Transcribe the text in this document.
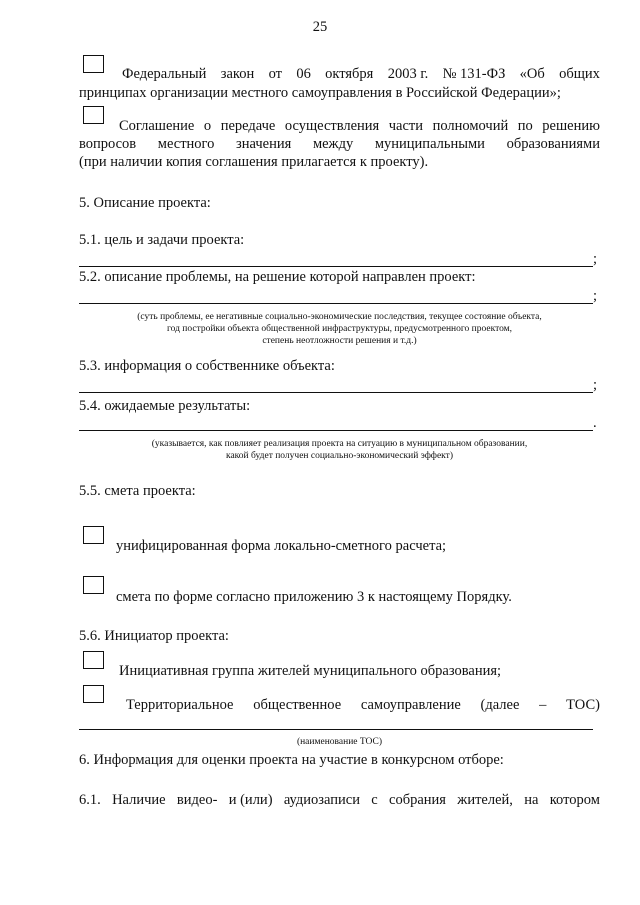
25
Федеральный закон от 06 октября 2003 г. № 131-ФЗ «Об общих
принципах организации местного самоуправления в Российской Федерации»;
Соглашение о передаче осуществления части полномочий по решению
вопросов местного значения между муниципальными образованиями
(при наличии копия соглашения прилагается к проекту).
5. Описание проекта:
5.1. цель и задачи проекта:
;
5.2. описание проблемы, на решение которой направлен проект:
;
(суть проблемы, ее негативные социально-экономические последствия, текущее состояние объекта,
год постройки объекта общественной инфраструктуры, предусмотренного проектом,
степень неотложности решения и т.д.)
5.3. информация о собственнике объекта:
;
5.4. ожидаемые результаты:
.
(указывается, как повлияет реализация проекта на ситуацию в муниципальном образовании,
какой будет получен социально-экономический эффект)
5.5. смета проекта:
унифицированная форма локально-сметного расчета;
смета по форме согласно приложению 3 к настоящему Порядку.
5.6. Инициатор проекта:
Инициативная группа жителей муниципального образования;
Территориальное общественное самоуправление (далее – ТОС)
(наименование ТОС)
6. Информация для оценки проекта на участие в конкурсном отборе:
6.1. Наличие видео- и (или) аудиозаписи с собрания жителей, на котором
